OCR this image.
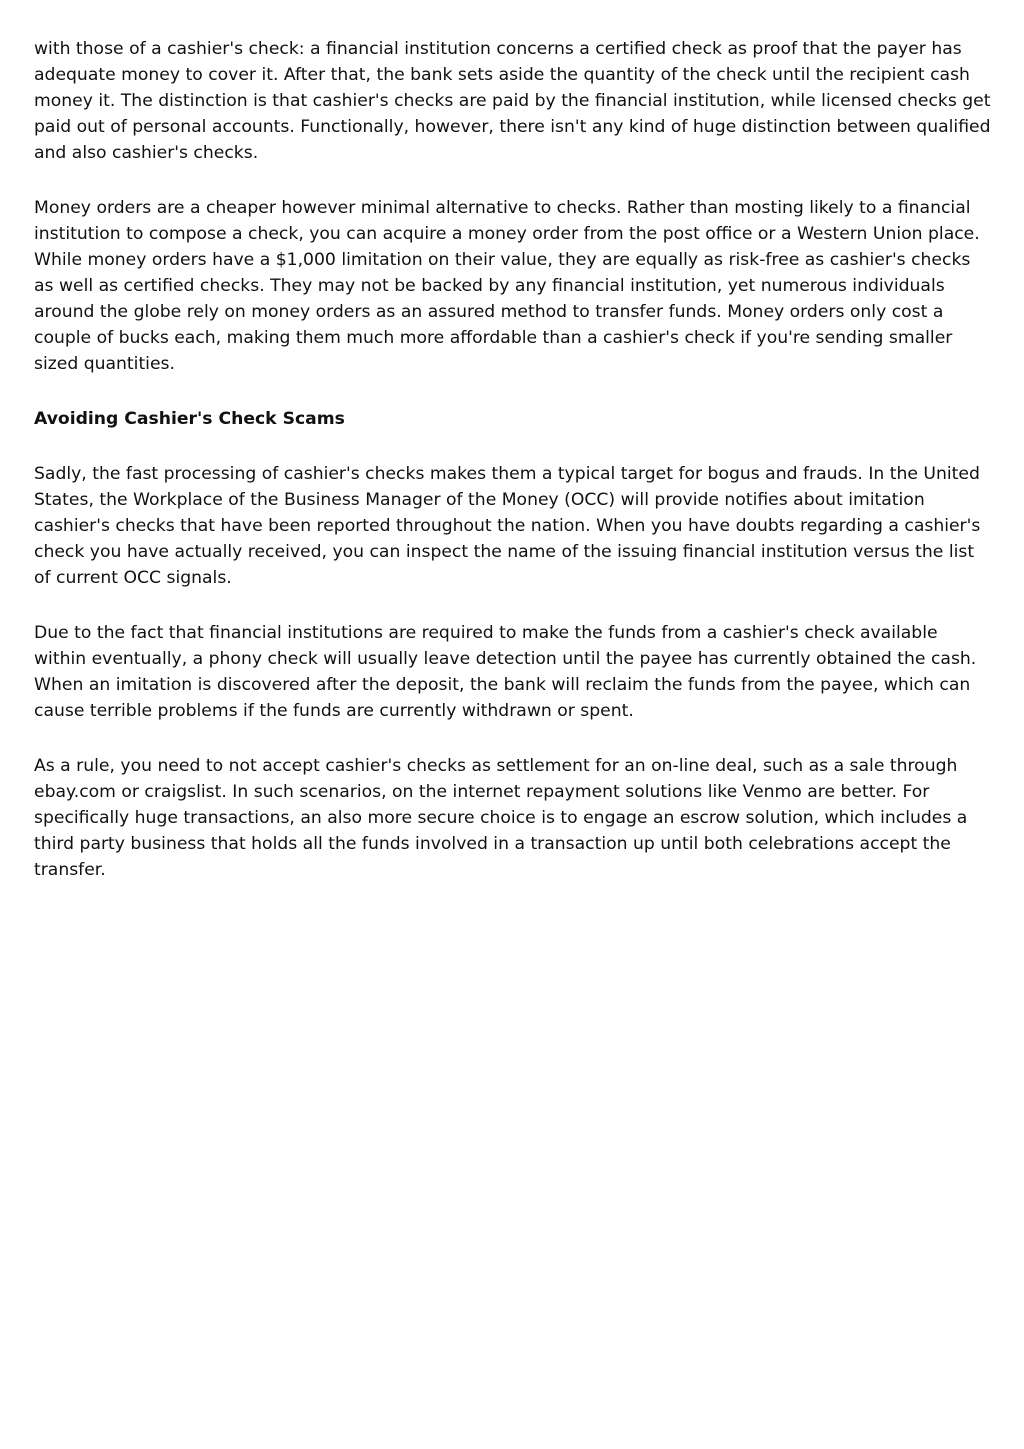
with those of a cashier's check: a financial institution concerns a certified check as proof that the payer has adequate money to cover it. After that, the bank sets aside the quantity of the check until the recipient cash money it. The distinction is that cashier's checks are paid by the financial institution, while licensed checks get paid out of personal accounts. Functionally, however, there isn't any kind of huge distinction between qualified and also cashier's checks.

Money orders are a cheaper however minimal alternative to checks. Rather than mosting likely to a financial institution to compose a check, you can acquire a money order from the post office or a Western Union place. While money orders have a $1,000 limitation on their value, they are equally as risk-free as cashier's checks as well as certified checks. They may not be backed by any financial institution, yet numerous individuals around the globe rely on money orders as an assured method to transfer funds. Money orders only cost a couple of bucks each, making them much more affordable than a cashier's check if you're sending smaller sized quantities.

Avoiding Cashier's Check Scams

Sadly, the fast processing of cashier's checks makes them a typical target for bogus and frauds. In the United States, the Workplace of the Business Manager of the Money (OCC) will provide notifies about imitation cashier's checks that have been reported throughout the nation. When you have doubts regarding a cashier's check you have actually received, you can inspect the name of the issuing financial institution versus the list of current OCC signals.

Due to the fact that financial institutions are required to make the funds from a cashier's check available within eventually, a phony check will usually leave detection until the payee has currently obtained the cash. When an imitation is discovered after the deposit, the bank will reclaim the funds from the payee, which can cause terrible problems if the funds are currently withdrawn or spent.

As a rule, you need to not accept cashier's checks as settlement for an on-line deal, such as a sale through ebay.com or craigslist. In such scenarios, on the internet repayment solutions like Venmo are better. For specifically huge transactions, an also more secure choice is to engage an escrow solution, which includes a third party business that holds all the funds involved in a transaction up until both celebrations accept the transfer.
